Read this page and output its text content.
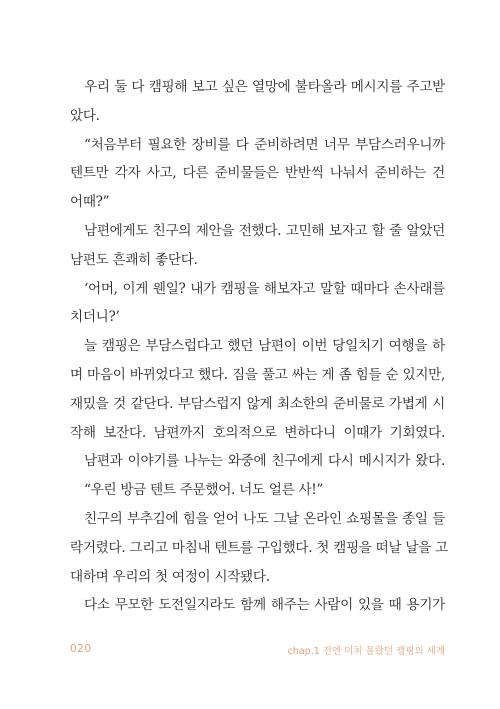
우리 둘 다 캠핑해 보고 싶은 열망에 불타올라 메시지를 주고받
았다.
“처음부터 필요한 장비를 다 준비하려면 너무 부담스러우니까
텐트만 각자 사고, 다른 준비물들은 반반씩 나눠서 준비하는 건
어때?”
남편에게도 친구의 제안을 전했다. 고민해 보자고 할 줄 알았던
남편도 흔쾌히 좋단다.
‘어머, 이게 웬일? 내가 캠핑을 해보자고 말할 때마다 손사래를
치더니?’
늘 캠핑은 부담스럽다고 했던 남편이 이번 당일치기 여행을 하
며 마음이 바뀌었다고 했다. 짐을 풀고 싸는 게 좀 힘들 순 있지만,
재밌을 것 같단다. 부담스럽지 않게 최소한의 준비물로 가볍게 시
작해 보잔다. 남편까지 호의적으로 변하다니 이때가 기회였다.
남편과 이야기를 나누는 와중에 친구에게 다시 메시지가 왔다.
“우린 방금 텐트 주문했어. 너도 얼른 사!”
친구의 부추김에 힘을 얻어 나도 그날 온라인 쇼핑몰을 종일 들
락거렸다. 그리고 마침내 텐트를 구입했다. 첫 캠핑을 떠날 날을 고
대하며 우리의 첫 여정이 시작됐다.
다소 무모한 도전일지라도 함께 해주는 사람이 있을 때 용기가
020	chap.1 전엔 미처 몰랐던 캠핑의 세계
